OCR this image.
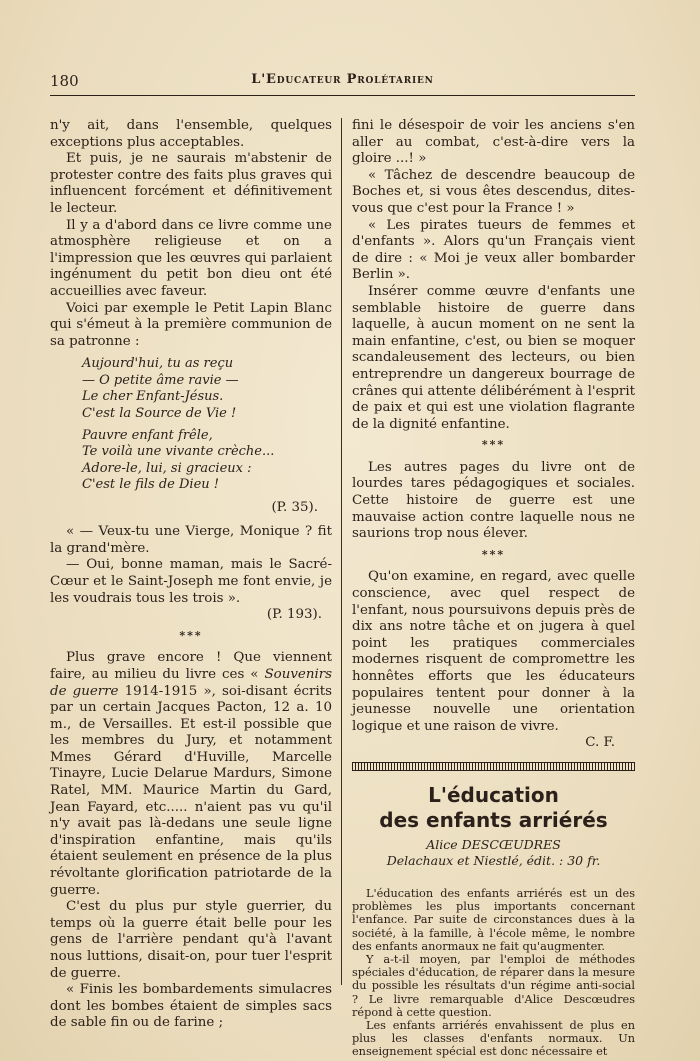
180	L'Educateur Prolétarien

n'y ait, dans l'ensemble, quelques exceptions plus acceptables.

Et puis, je ne saurais m'abstenir de protester contre des faits plus graves qui influencent forcément et définitivement le lecteur.

Il y a d'abord dans ce livre comme une atmosphère religieuse et on a l'impression que les œuvres qui parlaient ingénument du petit bon dieu ont été accueillies avec faveur.

Voici par exemple le Petit Lapin Blanc qui s'émeut à la première communion de sa patronne :

Aujourd'hui, tu as reçu
— O petite âme ravie —
Le cher Enfant-Jésus.
C'est la Source de Vie !
Pauvre enfant frêle,
Te voilà une vivante crèche...
Adore-le, lui, si gracieux :
C'est le fils de Dieu !

(P. 35).

« — Veux-tu une Vierge, Monique ? fit la grand'mère.

— Oui, bonne maman, mais le Sacré-Cœur et le Saint-Joseph me font envie, je les voudrais tous les trois ».

(P. 193).

***

Plus grave encore ! Que viennent faire, au milieu du livre ces « Souvenirs de guerre 1914-1915 », soi-disant écrits par un certain Jacques Pacton, 12 a. 10 m., de Versailles. Et est-il possible que les membres du Jury, et notamment Mmes Gérard d'Huville, Marcelle Tinayre, Lucie Delarue Mardurs, Simone Ratel, MM. Maurice Martin du Gard, Jean Fayard, etc..... n'aient pas vu qu'il n'y avait pas là-dedans une seule ligne d'inspiration enfantine, mais qu'ils étaient seulement en présence de la plus révoltante glorification patriotarde de la guerre.

C'est du plus pur style guerrier, du temps où la guerre était belle pour les gens de l'arrière pendant qu'à l'avant nous luttions, disait-on, pour tuer l'esprit de guerre.

« Finis les bombardements simulacres dont les bombes étaient de simples sacs de sable fin ou de farine ;

fini le désespoir de voir les anciens s'en aller au combat, c'est-à-dire vers la gloire ...! »

« Tâchez de descendre beaucoup de Boches et, si vous êtes descendus, dites-vous que c'est pour la France ! »

« Les pirates tueurs de femmes et d'enfants ». Alors qu'un Français vient de dire : « Moi je veux aller bombarder Berlin ».

Insérer comme œuvre d'enfants une semblable histoire de guerre dans laquelle, à aucun moment on ne sent la main enfantine, c'est, ou bien se moquer scandaleusement des lecteurs, ou bien entreprendre un dangereux bourrage de crânes qui attente délibérément à l'esprit de paix et qui est une violation flagrante de la dignité enfantine.

***

Les autres pages du livre ont de lourdes tares pédagogiques et sociales. Cette histoire de guerre est une mauvaise action contre laquelle nous ne saurions trop nous élever.

***

Qu'on examine, en regard, avec quelle conscience, avec quel respect de l'enfant, nous poursuivons depuis près de dix ans notre tâche et on jugera à quel point les pratiques commerciales modernes risquent de compromettre les honnêtes efforts que les éducateurs populaires tentent pour donner à la jeunesse nouvelle une orientation logique et une raison de vivre.

C. F.

L'éducation
des enfants arriérés
Alice DESCŒUDRES
Delachaux et Niestlé, édit. : 30 fr.

L'éducation des enfants arriérés est un des problèmes les plus importants concernant l'enfance. Par suite de circonstances dues à la société, à la famille, à l'école même, le nombre des enfants anormaux ne fait qu'augmenter.

Y a-t-il moyen, par l'emploi de méthodes spéciales d'éducation, de réparer dans la mesure du possible les résultats d'un régime anti-social ? Le livre remarquable d'Alice Descœudres répond à cette question.

Les enfants arriérés envahissent de plus en plus les classes d'enfants normaux. Un enseignement spécial est donc nécessaire et
